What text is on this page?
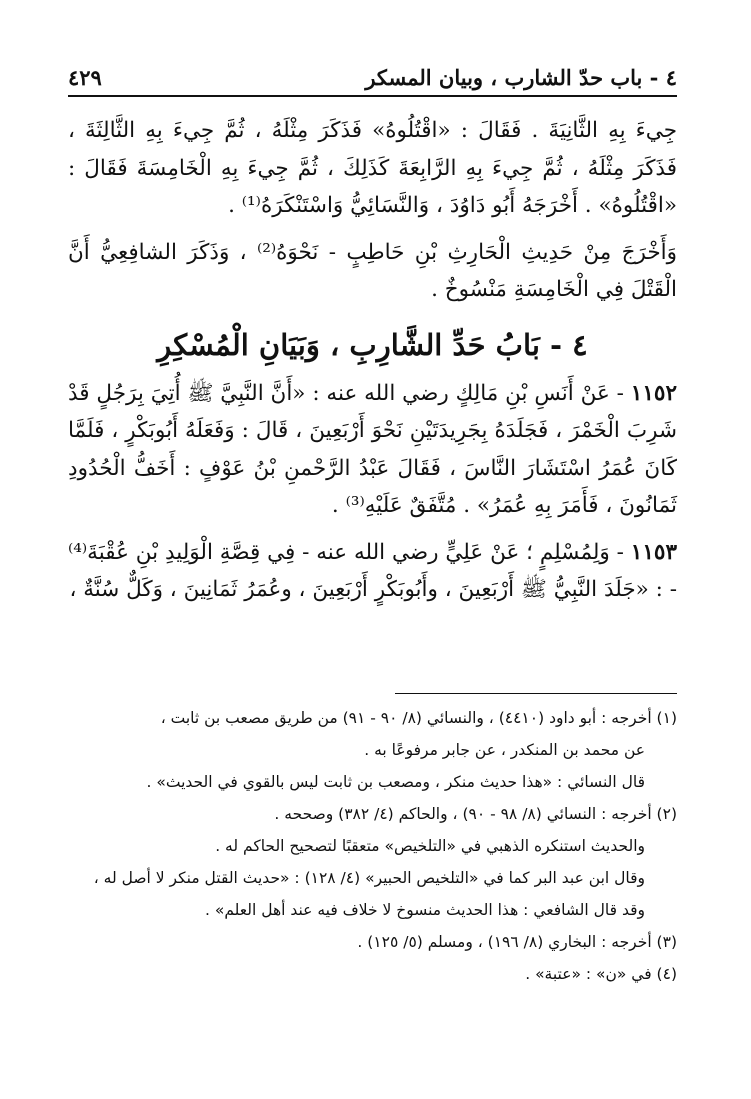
٤ - باب حدّ الشارب ، وبيان المسكر
٤٢٩

جِيءَ بِهِ الثَّانِيَةَ . فَقَالَ : «اقْتُلُوهُ» فَذَكَرَ مِثْلَهُ ، ثُمَّ جِيءَ بِهِ الثَّالِثَةَ ، فَذَكَرَ مِثْلَهُ ، ثُمَّ جِيءَ بِهِ الرَّابِعَةَ كَذَلِكَ ، ثُمَّ جِيءَ بِهِ الْخَامِسَةَ فَقَالَ : «اقْتُلُوهُ» . أَخْرَجَهُ أَبُو دَاوُدَ ، وَالنَّسَائِيُّ وَاسْتَنْكَرَهُ⁽¹⁾ .

وَأَخْرَجَ مِنْ حَدِيثِ الْحَارِثِ بْنِ حَاطِبٍ - نَحْوَهُ⁽²⁾ ، وَذَكَرَ الشافِعِيُّ أَنَّ الْقَتْلَ فِي الْخَامِسَةِ مَنْسُوخٌ .

٤ - بَابُ حَدِّ الشَّارِبِ ، وَبَيَانِ الْمُسْكِرِ

١١٥٢ - عَنْ أَنَسِ بْنِ مَالِكٍ رضي الله عنه : «أَنَّ النَّبِيَّ ﷺ أُتِيَ بِرَجُلٍ قَدْ شَرِبَ الْخَمْرَ ، فَجَلَدَهُ بِجَرِيدَتَيْنِ نَحْوَ أَرْبَعِينَ ، قَالَ : وَفَعَلَهُ أَبُوبَكْرٍ ، فَلَمَّا كَانَ عُمَرُ اسْتَشَارَ النَّاسَ ، فَقَالَ عَبْدُ الرَّحْمنِ بْنُ عَوْفٍ : أَخَفُّ الْحُدُودِ ثَمَانُونَ ، فَأَمَرَ بِهِ عُمَرُ» . مُتَّفَقٌ عَلَيْهِ⁽³⁾ .

١١٥٣ - وَلِمُسْلِمٍ ؛ عَنْ عَلِيٍّ رضي الله عنه - فِي قِصَّةِ الْوَلِيدِ بْنِ عُقْبَةَ⁽⁴⁾ - : «جَلَدَ النَّبِيُّ ﷺ أَرْبَعِينَ ، وأَبُوبَكْرٍ أَرْبَعِينَ ، وعُمَرُ ثَمَانِينَ ، وَكَلٌّ سُنَّةٌ ،

(١) أخرجه : أبو داود (٤٤١٠) ، والنسائي (٨/ ٩٠ - ٩١) من طريق مصعب بن ثابت ،

عن محمد بن المنكدر ، عن جابر مرفوعًا به .

قال النسائي : «هذا حديث منكر ، ومصعب بن ثابت ليس بالقوي في الحديث» .

(٢) أخرجه : النسائي (٨/ ٩٨ - ٩٠) ، والحاكم (٤/ ٣٨٢) وصححه .

والحديث استنكره الذهبي في «التلخيص» متعقبًا لتصحيح الحاكم له .

وقال ابن عبد البر كما في «التلخيص الحبير» (٤/ ١٢٨) : «حديث القتل منكر لا أصل له ، وقد قال الشافعي : هذا الحديث منسوخ لا خلاف فيه عند أهل العلم» .

(٣) أخرجه : البخاري (٨/ ١٩٦) ، ومسلم (٥/ ١٢٥) .

(٤) في «ن» : «عتبة» .
